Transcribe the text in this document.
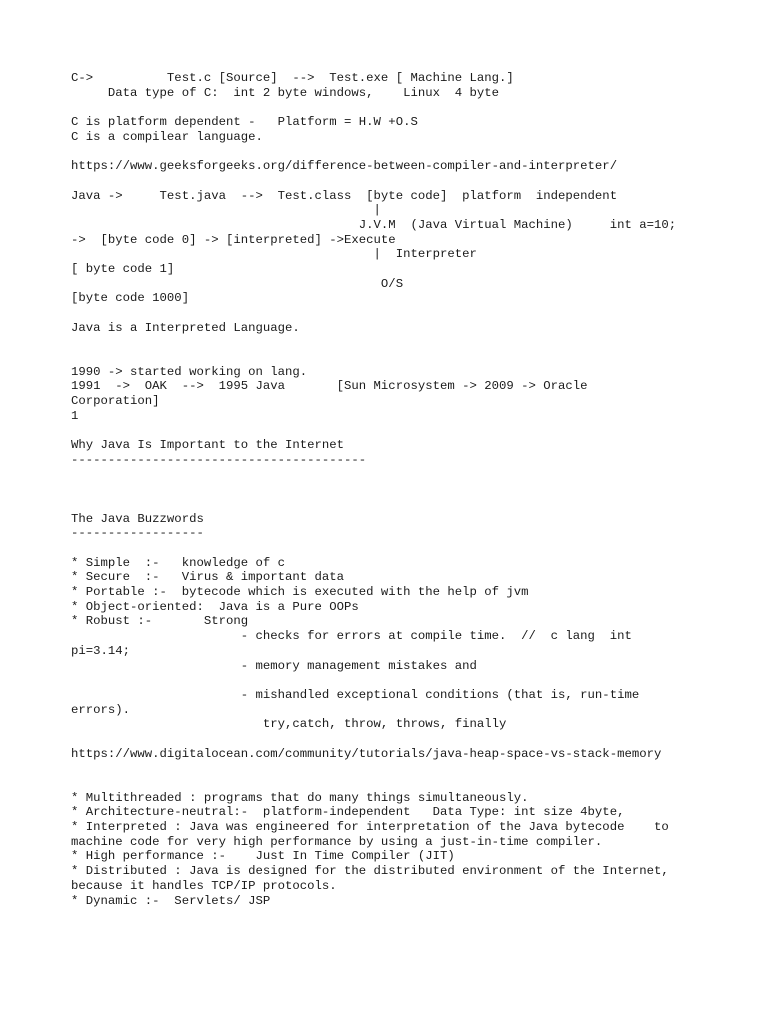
C->          Test.c [Source]  -->  Test.exe [ Machine Lang.]
Data type of C:  int 2 byte windows,    Linux  4 byte
C is platform dependent -   Platform = H.W +O.S
C is a compilear language.
https://www.geeksforgeeks.org/difference-between-compiler-and-interpreter/
Java ->     Test.java  -->  Test.class  [byte code]  platform  independent
|
J.V.M  (Java Virtual Machine)     int a=10;
->  [byte code 0] -> [interpreted] ->Execute
|  Interpreter
[ byte code 1]
O/S
[byte code 1000]
Java is a Interpreted Language.
1990 -> started working on lang.
1991  ->  OAK  -->  1995 Java       [Sun Microsystem -> 2009 -> Oracle
Corporation]
1
Why Java Is Important to the Internet
----------------------------------------
The Java Buzzwords
------------------
* Simple  :-   knowledge of c
* Secure  :-   Virus & important data
* Portable :-  bytecode which is executed with the help of jvm
* Object-oriented:  Java is a Pure OOPs
* Robust :-       Strong
- checks for errors at compile time.  //  c lang  int
pi=3.14;
- memory management mistakes and
- mishandled exceptional conditions (that is, run-time
errors).
try,catch, throw, throws, finally
https://www.digitalocean.com/community/tutorials/java-heap-space-vs-stack-memory
* Multithreaded : programs that do many things simultaneously.
* Architecture-neutral:-  platform-independent   Data Type: int size 4byte,
* Interpreted : Java was engineered for interpretation of the Java bytecode    to
machine code for very high performance by using a just-in-time compiler.
* High performance :-    Just In Time Compiler (JIT)
* Distributed : Java is designed for the distributed environment of the Internet,
because it handles TCP/IP protocols.
* Dynamic :-  Servlets/ JSP
